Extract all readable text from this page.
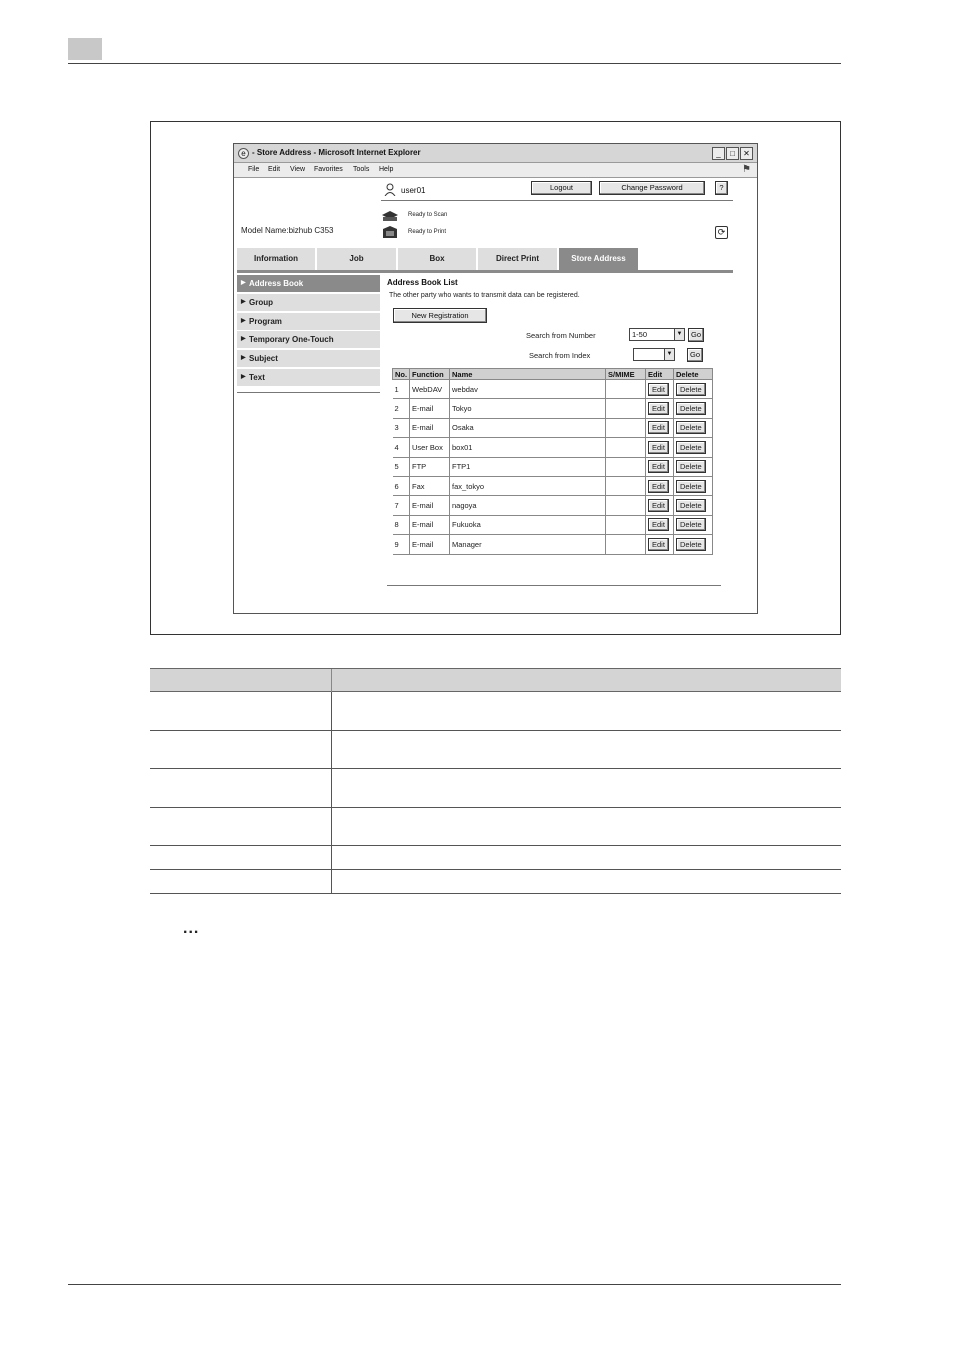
e - Store Address - Microsoft Internet Explorer	_	□	✕
File Edit View Favorites Tools Help	⚑
user01	Logout	Change Password	?
Ready to Scan
Ready to Print
Model Name:bizhub C353	⟳
Information	Job	Box	Direct Print	Store Address
▶ Address Book
▶ Group
▶ Program
▶ Temporary One-Touch
▶ Subject
▶ Text
Address Book List
The other party who wants to transmit data can be registered.
New Registration
Search from Number	1-50	▼	Go
Search from Index	▼	Go
No.	Function	Name	S/MIME	Edit	Delete
1	WebDAV	webdav		Edit	Delete
2	E-mail	Tokyo		Edit	Delete
3	E-mail	Osaka		Edit	Delete
4	User Box	box01		Edit	Delete
5	FTP	FTP1		Edit	Delete
6	Fax	fax_tokyo		Edit	Delete
7	E-mail	nagoya		Edit	Delete
8	E-mail	Fukuoka		Edit	Delete
9	E-mail	Manager		Edit	Delete
...
